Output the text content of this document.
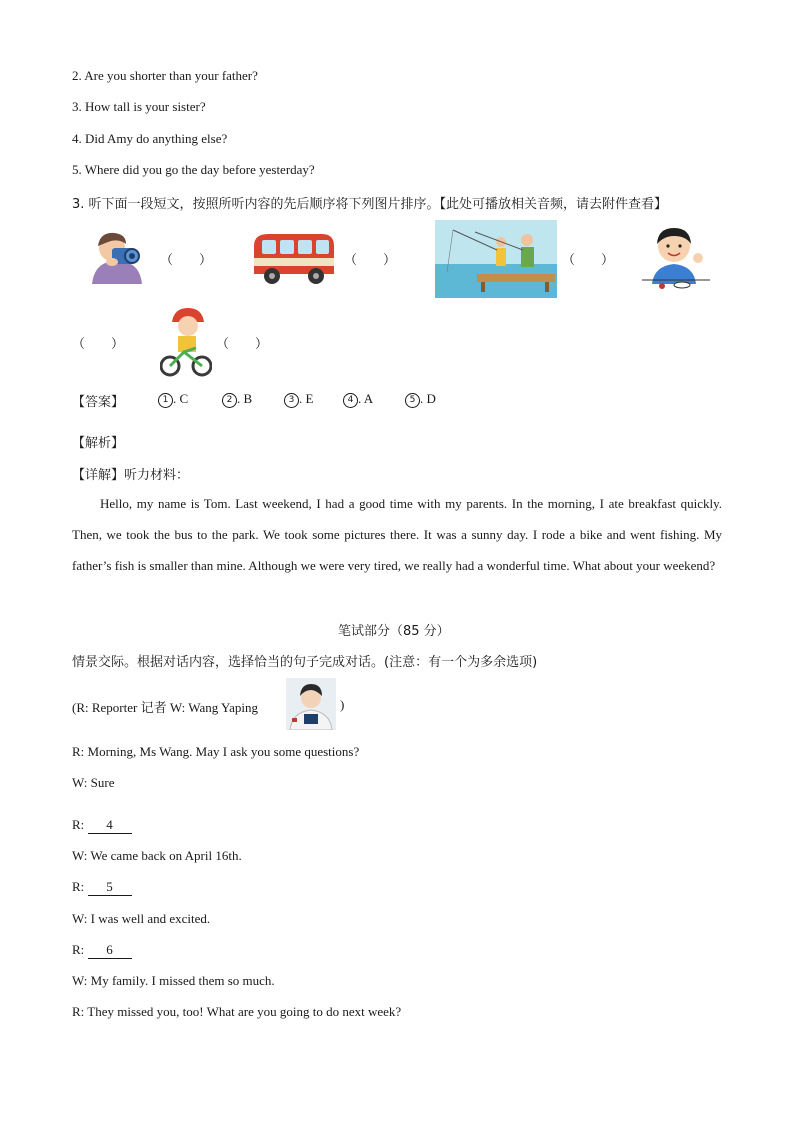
2. Are you shorter than your father?
3. How tall is your sister?
4. Did Amy do anything else?
5. Where did you go the day before yesterday?
3. 听下面一段短文，按照所听内容的先后顺序将下列图片排序。【此处可播放相关音频，请去附件查看】
（　　）	（　　）	（　　）
（　　）	（　　）
【答案】	1 . C	2 . B	3 . E	4 . A	5 . D
【解析】
【详解】听力材料：
Hello, my name is Tom. Last weekend, I had a good time with my parents. In the morning, I ate breakfast quickly. Then, we took the bus to the park. We took some pictures there. It was a sunny day. I rode a bike and went fishing. My father’s fish is smaller than mine. Although we were very tired, we really had a wonderful time. What about your weekend?
笔试部分（85 分）
情景交际。根据对话内容，选择恰当的句子完成对话。(注意：有一个为多余选项)
(R: Reporter 记者 W: Wang Yaping	)
R: Morning, Ms Wang. May I ask you some questions?
W: Sure
R: 4
W: We came back on April 16th.
R: 5
W: I was well and excited.
R: 6
W: My family. I missed them so much.
R: They missed you, too! What are you going to do next week?
